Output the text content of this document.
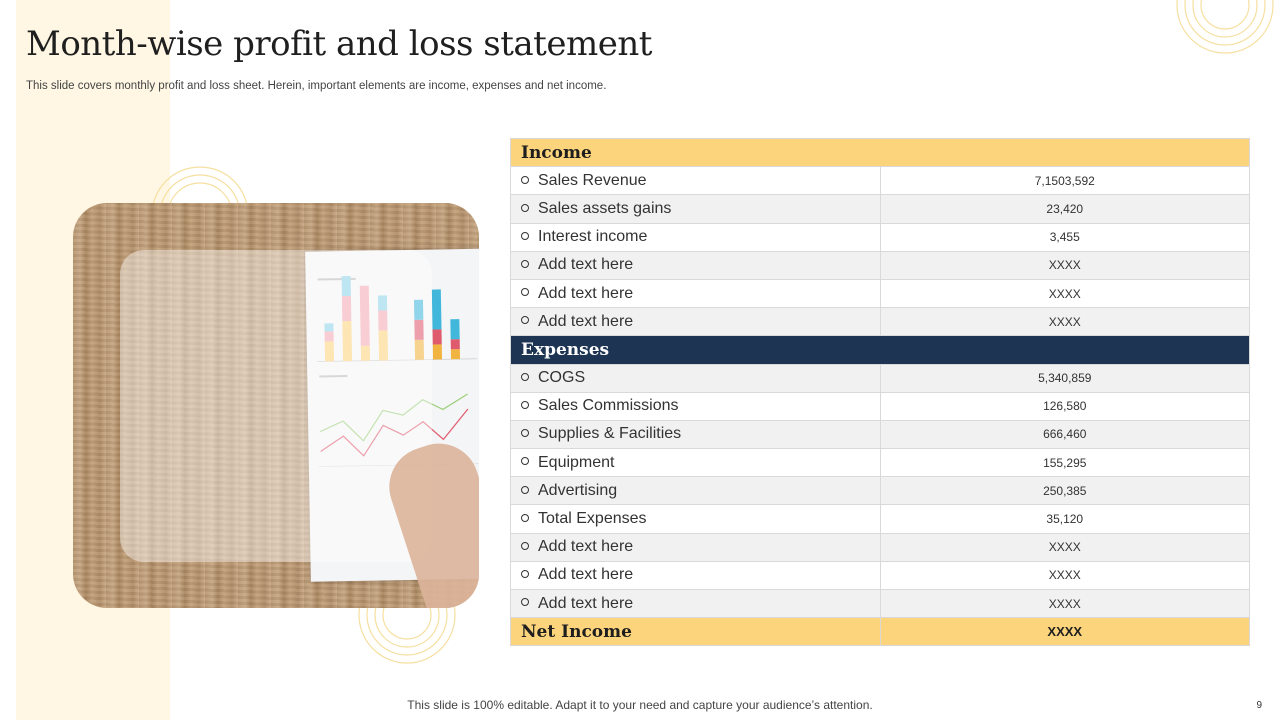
Month-wise profit and loss statement

This slide covers monthly profit and loss sheet. Herein, important elements are income, expenses and net income.

Income	
Sales Revenue	7,1503,592
Sales assets gains	23,420
Interest income	3,455
Add text here	XXXX
Add text here	XXXX
Add text here	XXXX
Expenses	
COGS	5,340,859
Sales Commissions	126,580
Supplies & Facilities	666,460
Equipment	155,295
Advertising	250,385
Total Expenses	35,120
Add text here	XXXX
Add text here	XXXX
Add text here	XXXX
Net Income	XXXX
This slide is 100% editable. Adapt it to your need and capture your audience’s attention.	9
